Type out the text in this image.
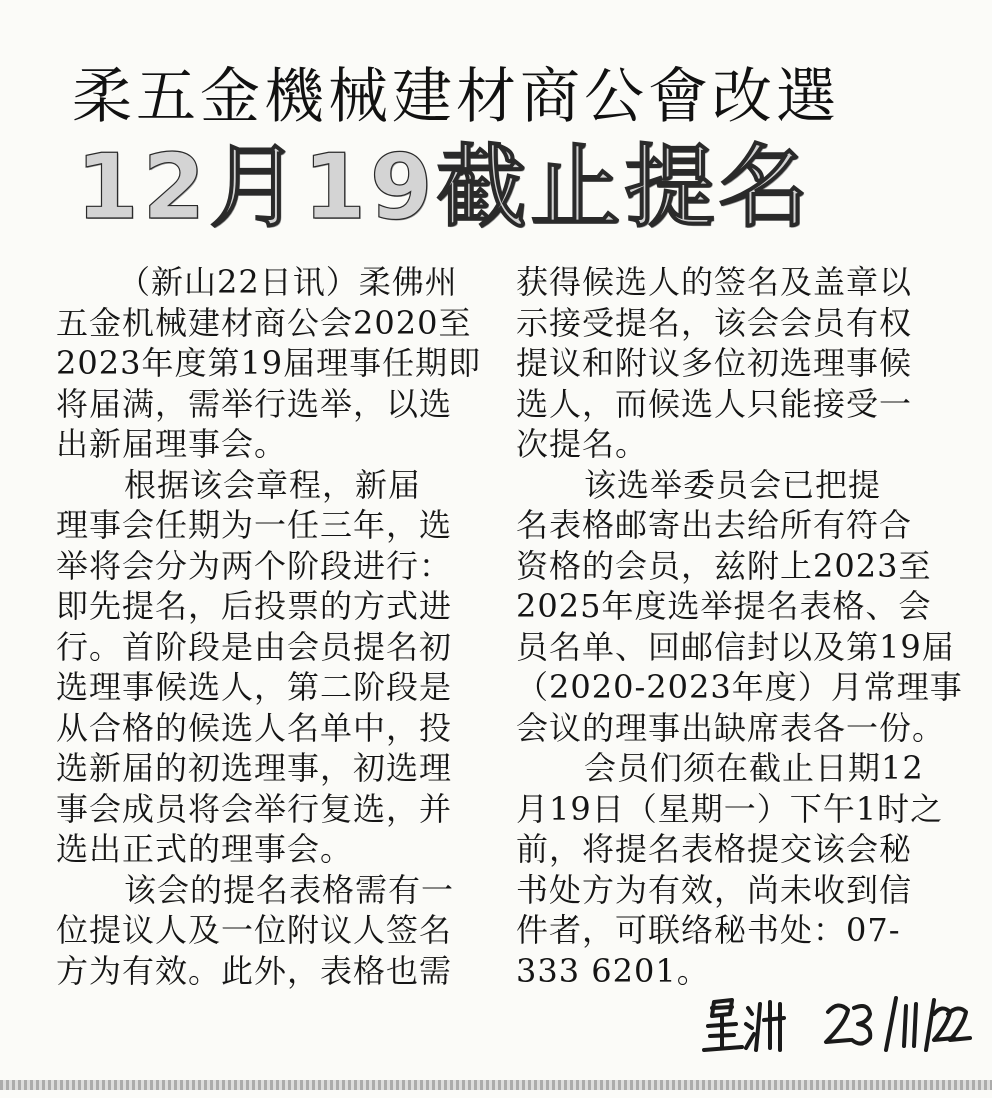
柔五金機械建材商公會改選
12月19截止提名
（新山22日讯）柔佛州
五金机械建材商公会2020至
2023年度第19届理事任期即
将届满，需举行选举，以选
出新届理事会。
根据该会章程，新届
理事会任期为一任三年，选
举将会分为两个阶段进行：
即先提名，后投票的方式进
行。首阶段是由会员提名初
选理事候选人，第二阶段是
从合格的候选人名单中，投
选新届的初选理事，初选理
事会成员将会举行复选，并
选出正式的理事会。
该会的提名表格需有一
位提议人及一位附议人签名
方为有效。此外，表格也需
获得候选人的签名及盖章以
示接受提名，该会会员有权
提议和附议多位初选理事候
选人，而候选人只能接受一
次提名。
该选举委员会已把提
名表格邮寄出去给所有符合
资格的会员，兹附上2023至
2025年度选举提名表格、会
员名单、回邮信封以及第19届
（2020-2023年度）月常理事
会议的理事出缺席表各一份。
会员们须在截止日期12
月19日（星期一）下午1时之
前，将提名表格提交该会秘
书处方为有效，尚未收到信
件者，可联络秘书处：07-
333 6201。
